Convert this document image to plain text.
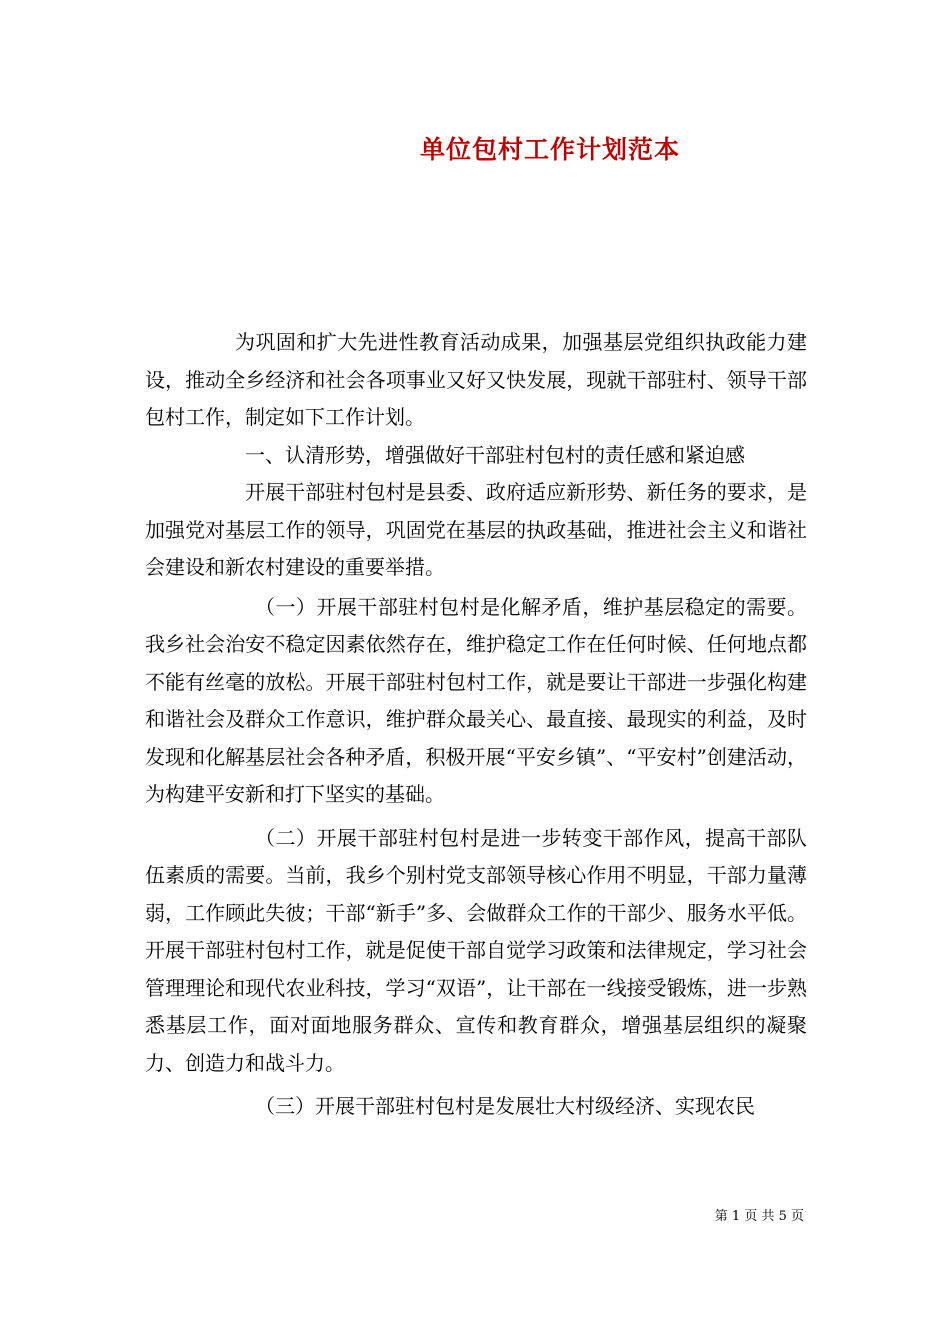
单位包村工作计划范本

为巩固和扩大先进性教育活动成果，加强基层党组织执政能力建设，推动全乡经济和社会各项事业又好又快发展，现就干部驻村、领导干部包村工作，制定如下工作计划。

一、认清形势，增强做好干部驻村包村的责任感和紧迫感

开展干部驻村包村是县委、政府适应新形势、新任务的要求，是加强党对基层工作的领导，巩固党在基层的执政基础，推进社会主义和谐社会建设和新农村建设的重要举措。

（一）开展干部驻村包村是化解矛盾，维护基层稳定的需要。我乡社会治安不稳定因素依然存在，维护稳定工作在任何时候、任何地点都不能有丝毫的放松。开展干部驻村包村工作，就是要让干部进一步强化构建和谐社会及群众工作意识，维护群众最关心、最直接、最现实的利益，及时发现和化解基层社会各种矛盾，积极开展“平安乡镇”、“平安村”创建活动，为构建平安新和打下坚实的基础。

（二）开展干部驻村包村是进一步转变干部作风，提高干部队伍素质的需要。当前，我乡个别村党支部领导核心作用不明显，干部力量薄弱，工作顾此失彼；干部“新手”多、会做群众工作的干部少、服务水平低。开展干部驻村包村工作，就是促使干部自觉学习政策和法律规定，学习社会管理理论和现代农业科技，学习“双语”，让干部在一线接受锻炼，进一步熟悉基层工作，面对面地服务群众、宣传和教育群众，增强基层组织的凝聚力、创造力和战斗力。

（三）开展干部驻村包村是发展壮大村级经济、实现农民

第 1 页 共 5 页
